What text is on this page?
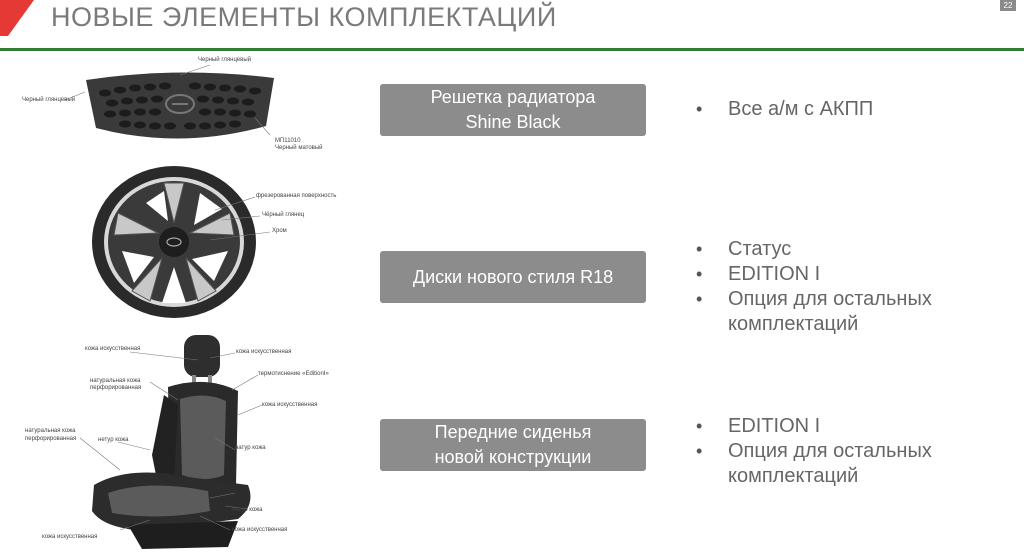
НОВЫЕ ЭЛЕМЕНТЫ КОМПЛЕКТАЦИЙ	22
Черный глянцевый
Черный глянцевый
МП11010
Черный матовый
фрезерованная поверхность
Чёрный глянец
Хром
кожа искусственная	кожа искусственная
натуральная кожа
перфорированная
термотиснение «EditionⅠ»
кожа искусственная
натуральная кожа
перфорированная	нетур кожа
натур кожа
нетур кожа
кожа искусственная
кожа искусственная
Решетка радиатора
Shine Black
• Все а/м с АКПП
Диски нового стиля R18
• Статус
• EDITION I
• Опция для остальных комплектаций
Передние сиденья
новой конструкции
• EDITION I
• Опция для остальных комплектаций
